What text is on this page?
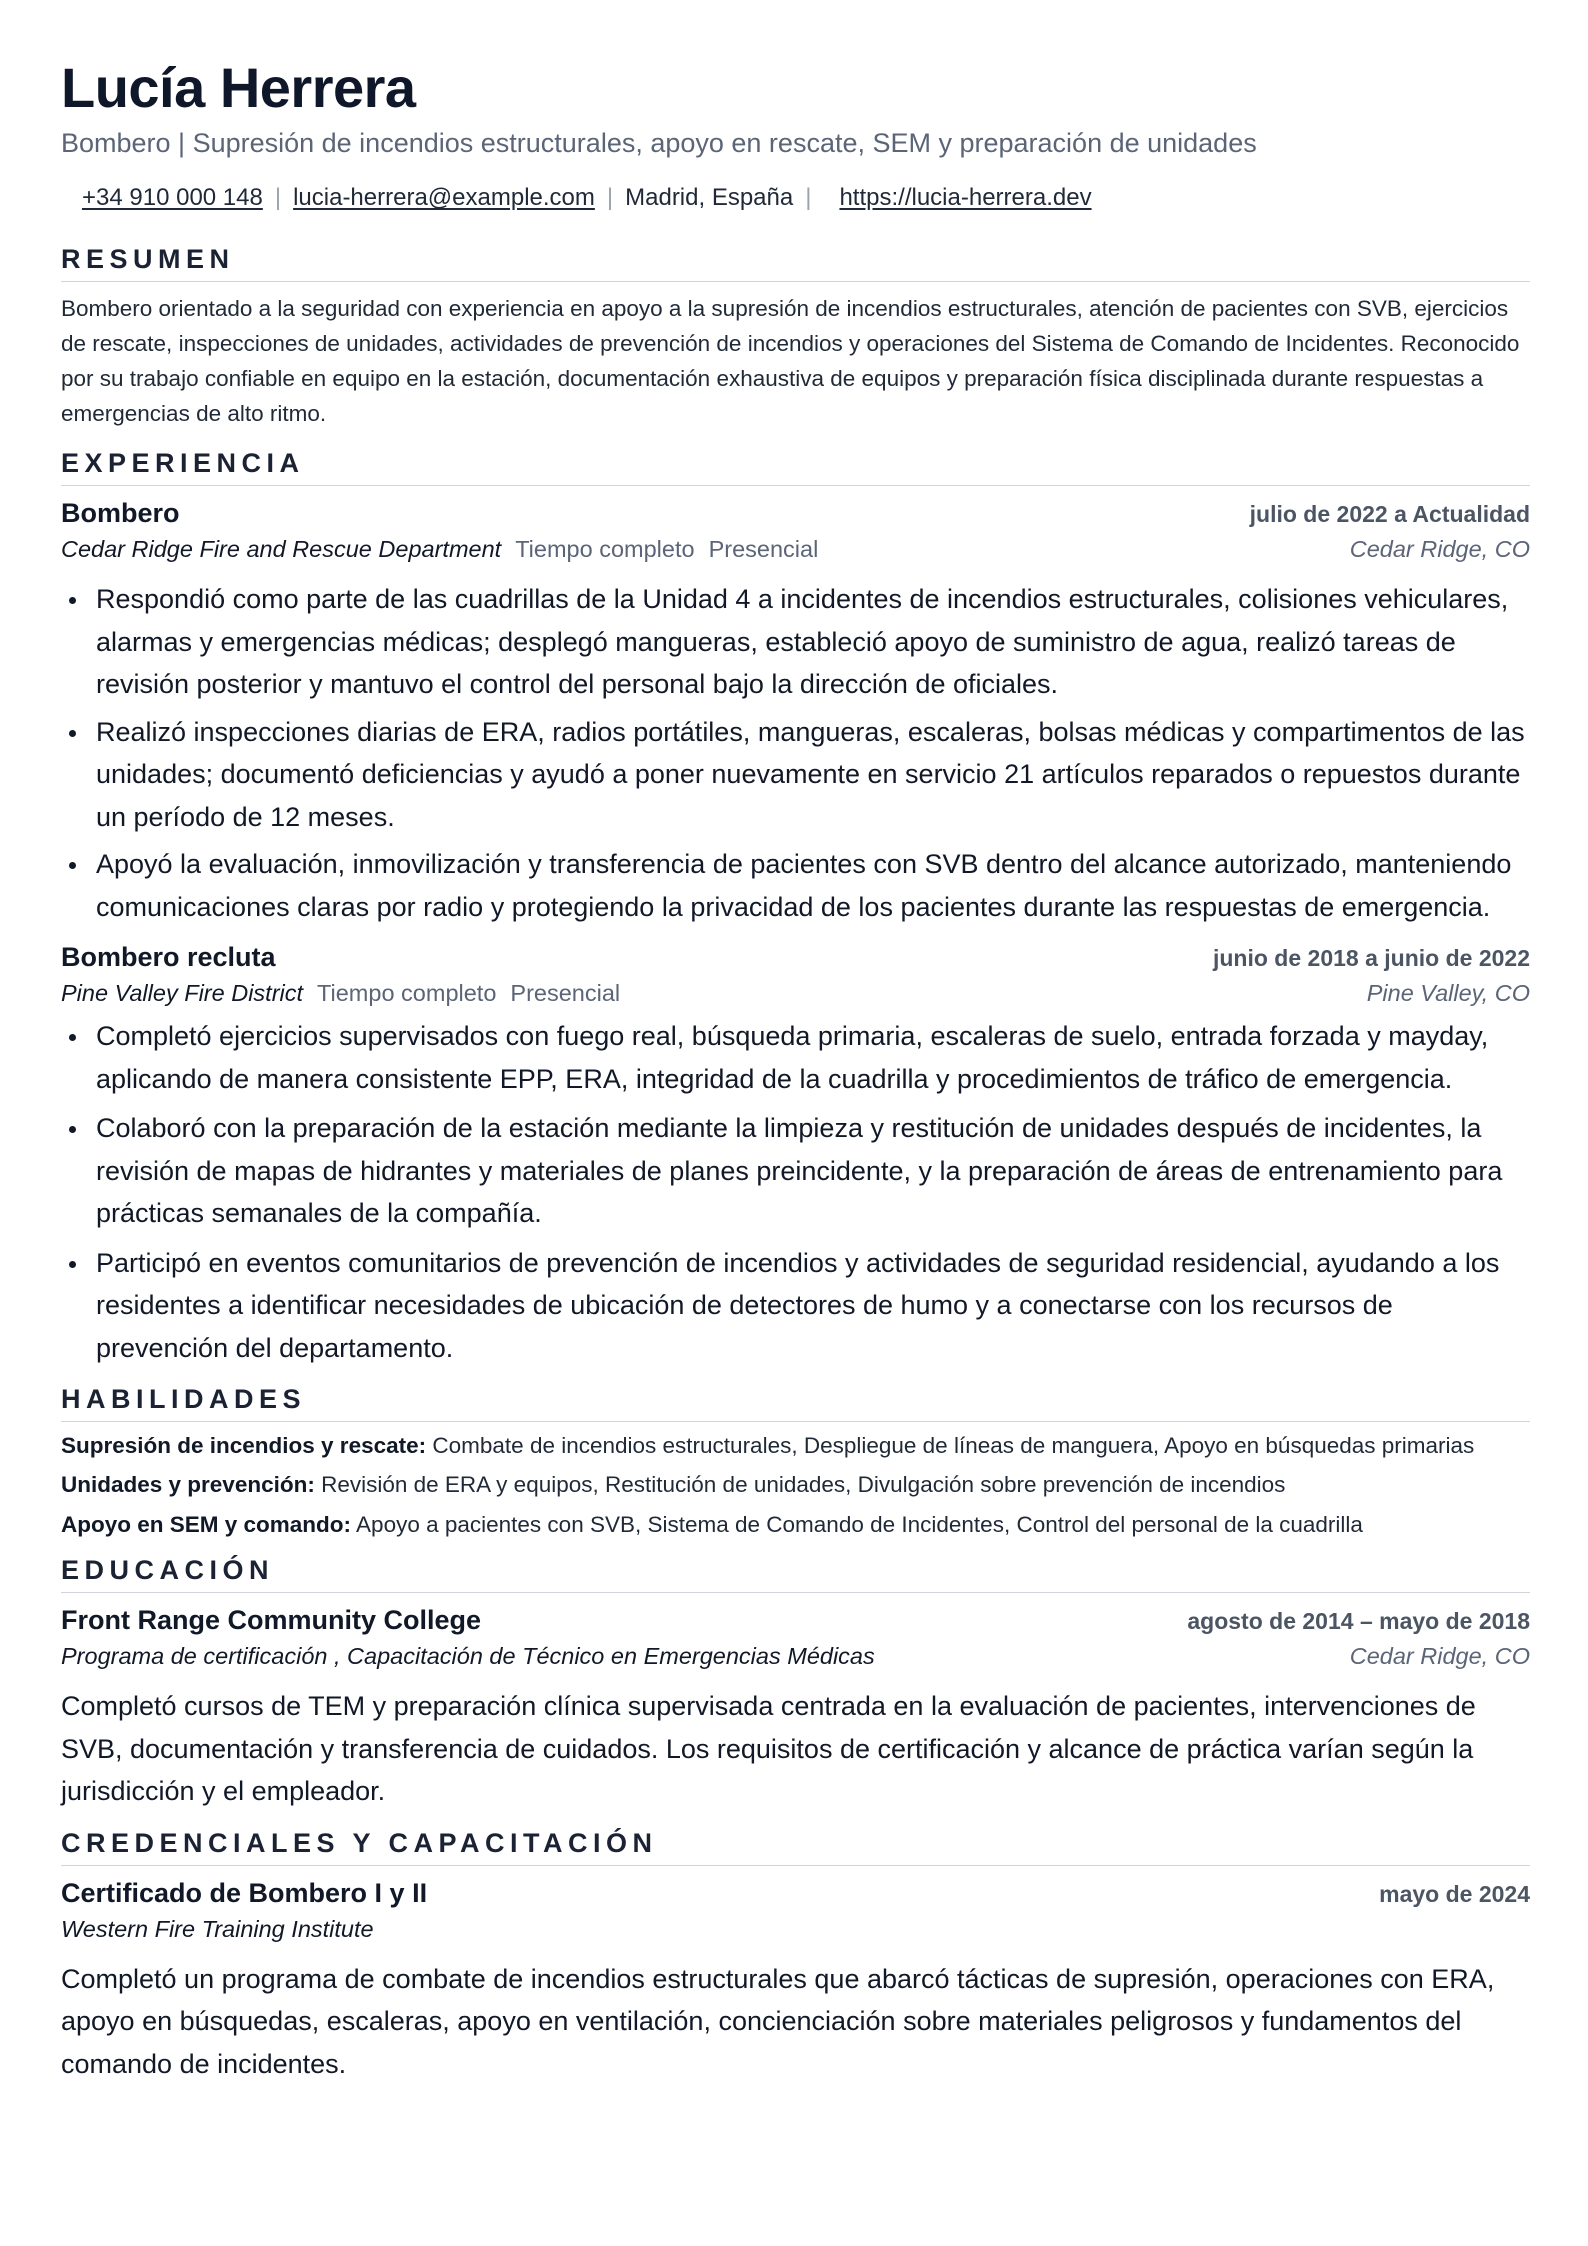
Lucía Herrera
Bombero | Supresión de incendios estructurales, apoyo en rescate, SEM y preparación de unidades
+34 910 000 148 | lucia-herrera@example.com | Madrid, España | https://lucia-herrera.dev
RESUMEN
Bombero orientado a la seguridad con experiencia en apoyo a la supresión de incendios estructurales, atención de pacientes con SVB, ejercicios de rescate, inspecciones de unidades, actividades de prevención de incendios y operaciones del Sistema de Comando de Incidentes. Reconocido por su trabajo confiable en equipo en la estación, documentación exhaustiva de equipos y preparación física disciplinada durante respuestas a emergencias de alto ritmo.
EXPERIENCIA
Bombero	julio de 2022 a Actualidad
Cedar Ridge Fire and Rescue Department Tiempo completo Presencial	Cedar Ridge, CO
Respondió como parte de las cuadrillas de la Unidad 4 a incidentes de incendios estructurales, colisiones vehiculares, alarmas y emergencias médicas; desplegó mangueras, estableció apoyo de suministro de agua, realizó tareas de revisión posterior y mantuvo el control del personal bajo la dirección de oficiales.
Realizó inspecciones diarias de ERA, radios portátiles, mangueras, escaleras, bolsas médicas y compartimentos de las unidades; documentó deficiencias y ayudó a poner nuevamente en servicio 21 artículos reparados o repuestos durante un período de 12 meses.
Apoyó la evaluación, inmovilización y transferencia de pacientes con SVB dentro del alcance autorizado, manteniendo comunicaciones claras por radio y protegiendo la privacidad de los pacientes durante las respuestas de emergencia.
Bombero recluta	junio de 2018 a junio de 2022
Pine Valley Fire District Tiempo completo Presencial	Pine Valley, CO
Completó ejercicios supervisados con fuego real, búsqueda primaria, escaleras de suelo, entrada forzada y mayday, aplicando de manera consistente EPP, ERA, integridad de la cuadrilla y procedimientos de tráfico de emergencia.
Colaboró con la preparación de la estación mediante la limpieza y restitución de unidades después de incidentes, la revisión de mapas de hidrantes y materiales de planes preincidente, y la preparación de áreas de entrenamiento para prácticas semanales de la compañía.
Participó en eventos comunitarios de prevención de incendios y actividades de seguridad residencial, ayudando a los residentes a identificar necesidades de ubicación de detectores de humo y a conectarse con los recursos de prevención del departamento.
HABILIDADES
Supresión de incendios y rescate: Combate de incendios estructurales, Despliegue de líneas de manguera, Apoyo en búsquedas primarias
Unidades y prevención: Revisión de ERA y equipos, Restitución de unidades, Divulgación sobre prevención de incendios
Apoyo en SEM y comando: Apoyo a pacientes con SVB, Sistema de Comando de Incidentes, Control del personal de la cuadrilla
EDUCACIÓN
Front Range Community College	agosto de 2014 – mayo de 2018
Programa de certificación , Capacitación de Técnico en Emergencias Médicas	Cedar Ridge, CO
Completó cursos de TEM y preparación clínica supervisada centrada en la evaluación de pacientes, intervenciones de SVB, documentación y transferencia de cuidados. Los requisitos de certificación y alcance de práctica varían según la jurisdicción y el empleador.
CREDENCIALES Y CAPACITACIÓN
Certificado de Bombero I y II	mayo de 2024
Western Fire Training Institute
Completó un programa de combate de incendios estructurales que abarcó tácticas de supresión, operaciones con ERA, apoyo en búsquedas, escaleras, apoyo en ventilación, concienciación sobre materiales peligrosos y fundamentos del comando de incidentes.
